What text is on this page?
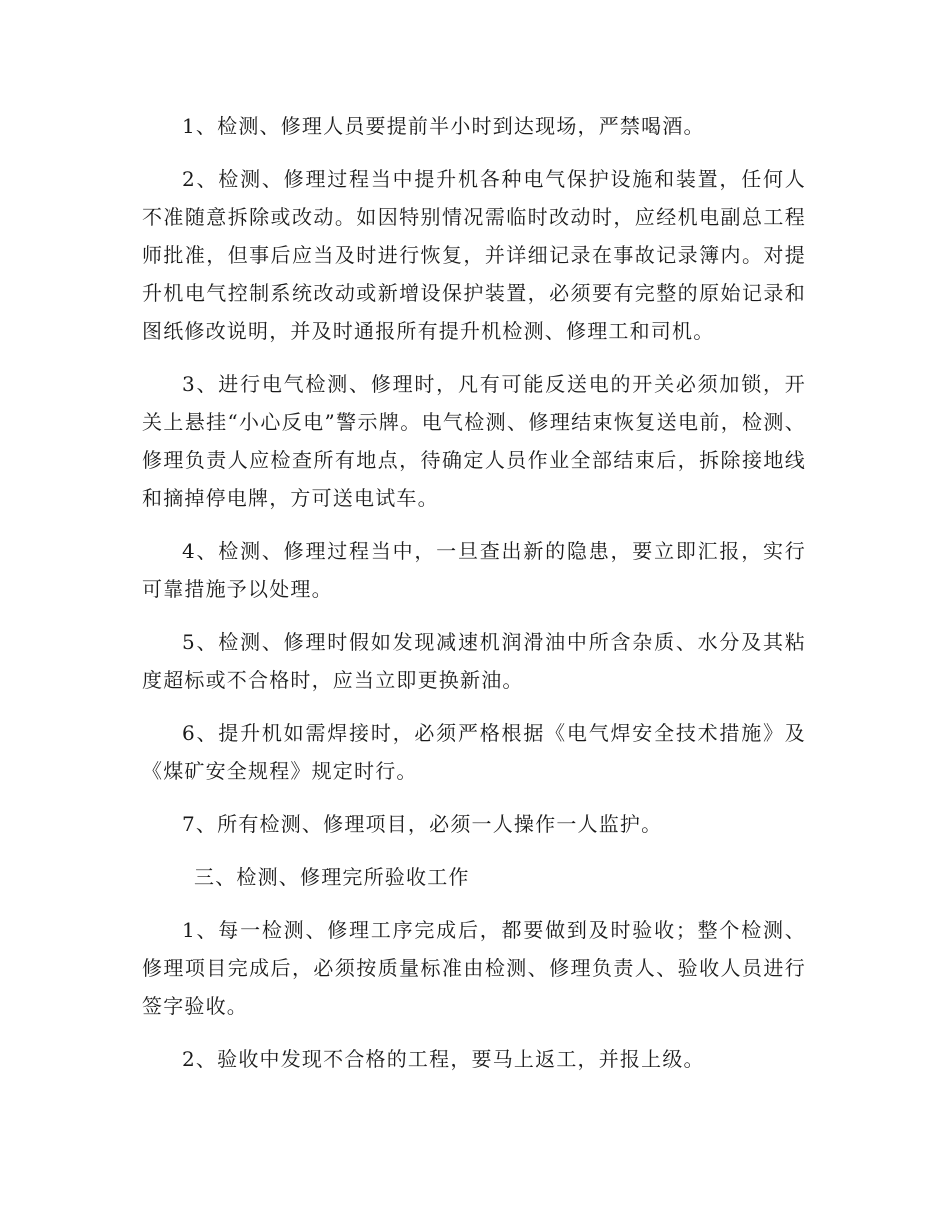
1、检测、修理人员要提前半小时到达现场，严禁喝酒。

2、检测、修理过程当中提升机各种电气保护设施和装置，任何人不准随意拆除或改动。如因特别情况需临时改动时，应经机电副总工程师批准，但事后应当及时进行恢复，并详细记录在事故记录簿内。对提升机电气控制系统改动或新增设保护装置，必须要有完整的原始记录和图纸修改说明，并及时通报所有提升机检测、修理工和司机。

3、进行电气检测、修理时，凡有可能反送电的开关必须加锁，开关上悬挂“小心反电”警示牌。电气检测、修理结束恢复送电前，检测、修理负责人应检查所有地点，待确定人员作业全部结束后，拆除接地线和摘掉停电牌，方可送电试车。

4、检测、修理过程当中，一旦查出新的隐患，要立即汇报，实行可靠措施予以处理。

5、检测、修理时假如发现减速机润滑油中所含杂质、水分及其粘度超标或不合格时，应当立即更换新油。

6、提升机如需焊接时，必须严格根据《电气焊安全技术措施》及《煤矿安全规程》规定时行。

7、所有检测、修理项目，必须一人操作一人监护。

三、检测、修理完所验收工作

1、每一检测、修理工序完成后，都要做到及时验收；整个检测、修理项目完成后，必须按质量标准由检测、修理负责人、验收人员进行签字验收。

2、验收中发现不合格的工程，要马上返工，并报上级。
